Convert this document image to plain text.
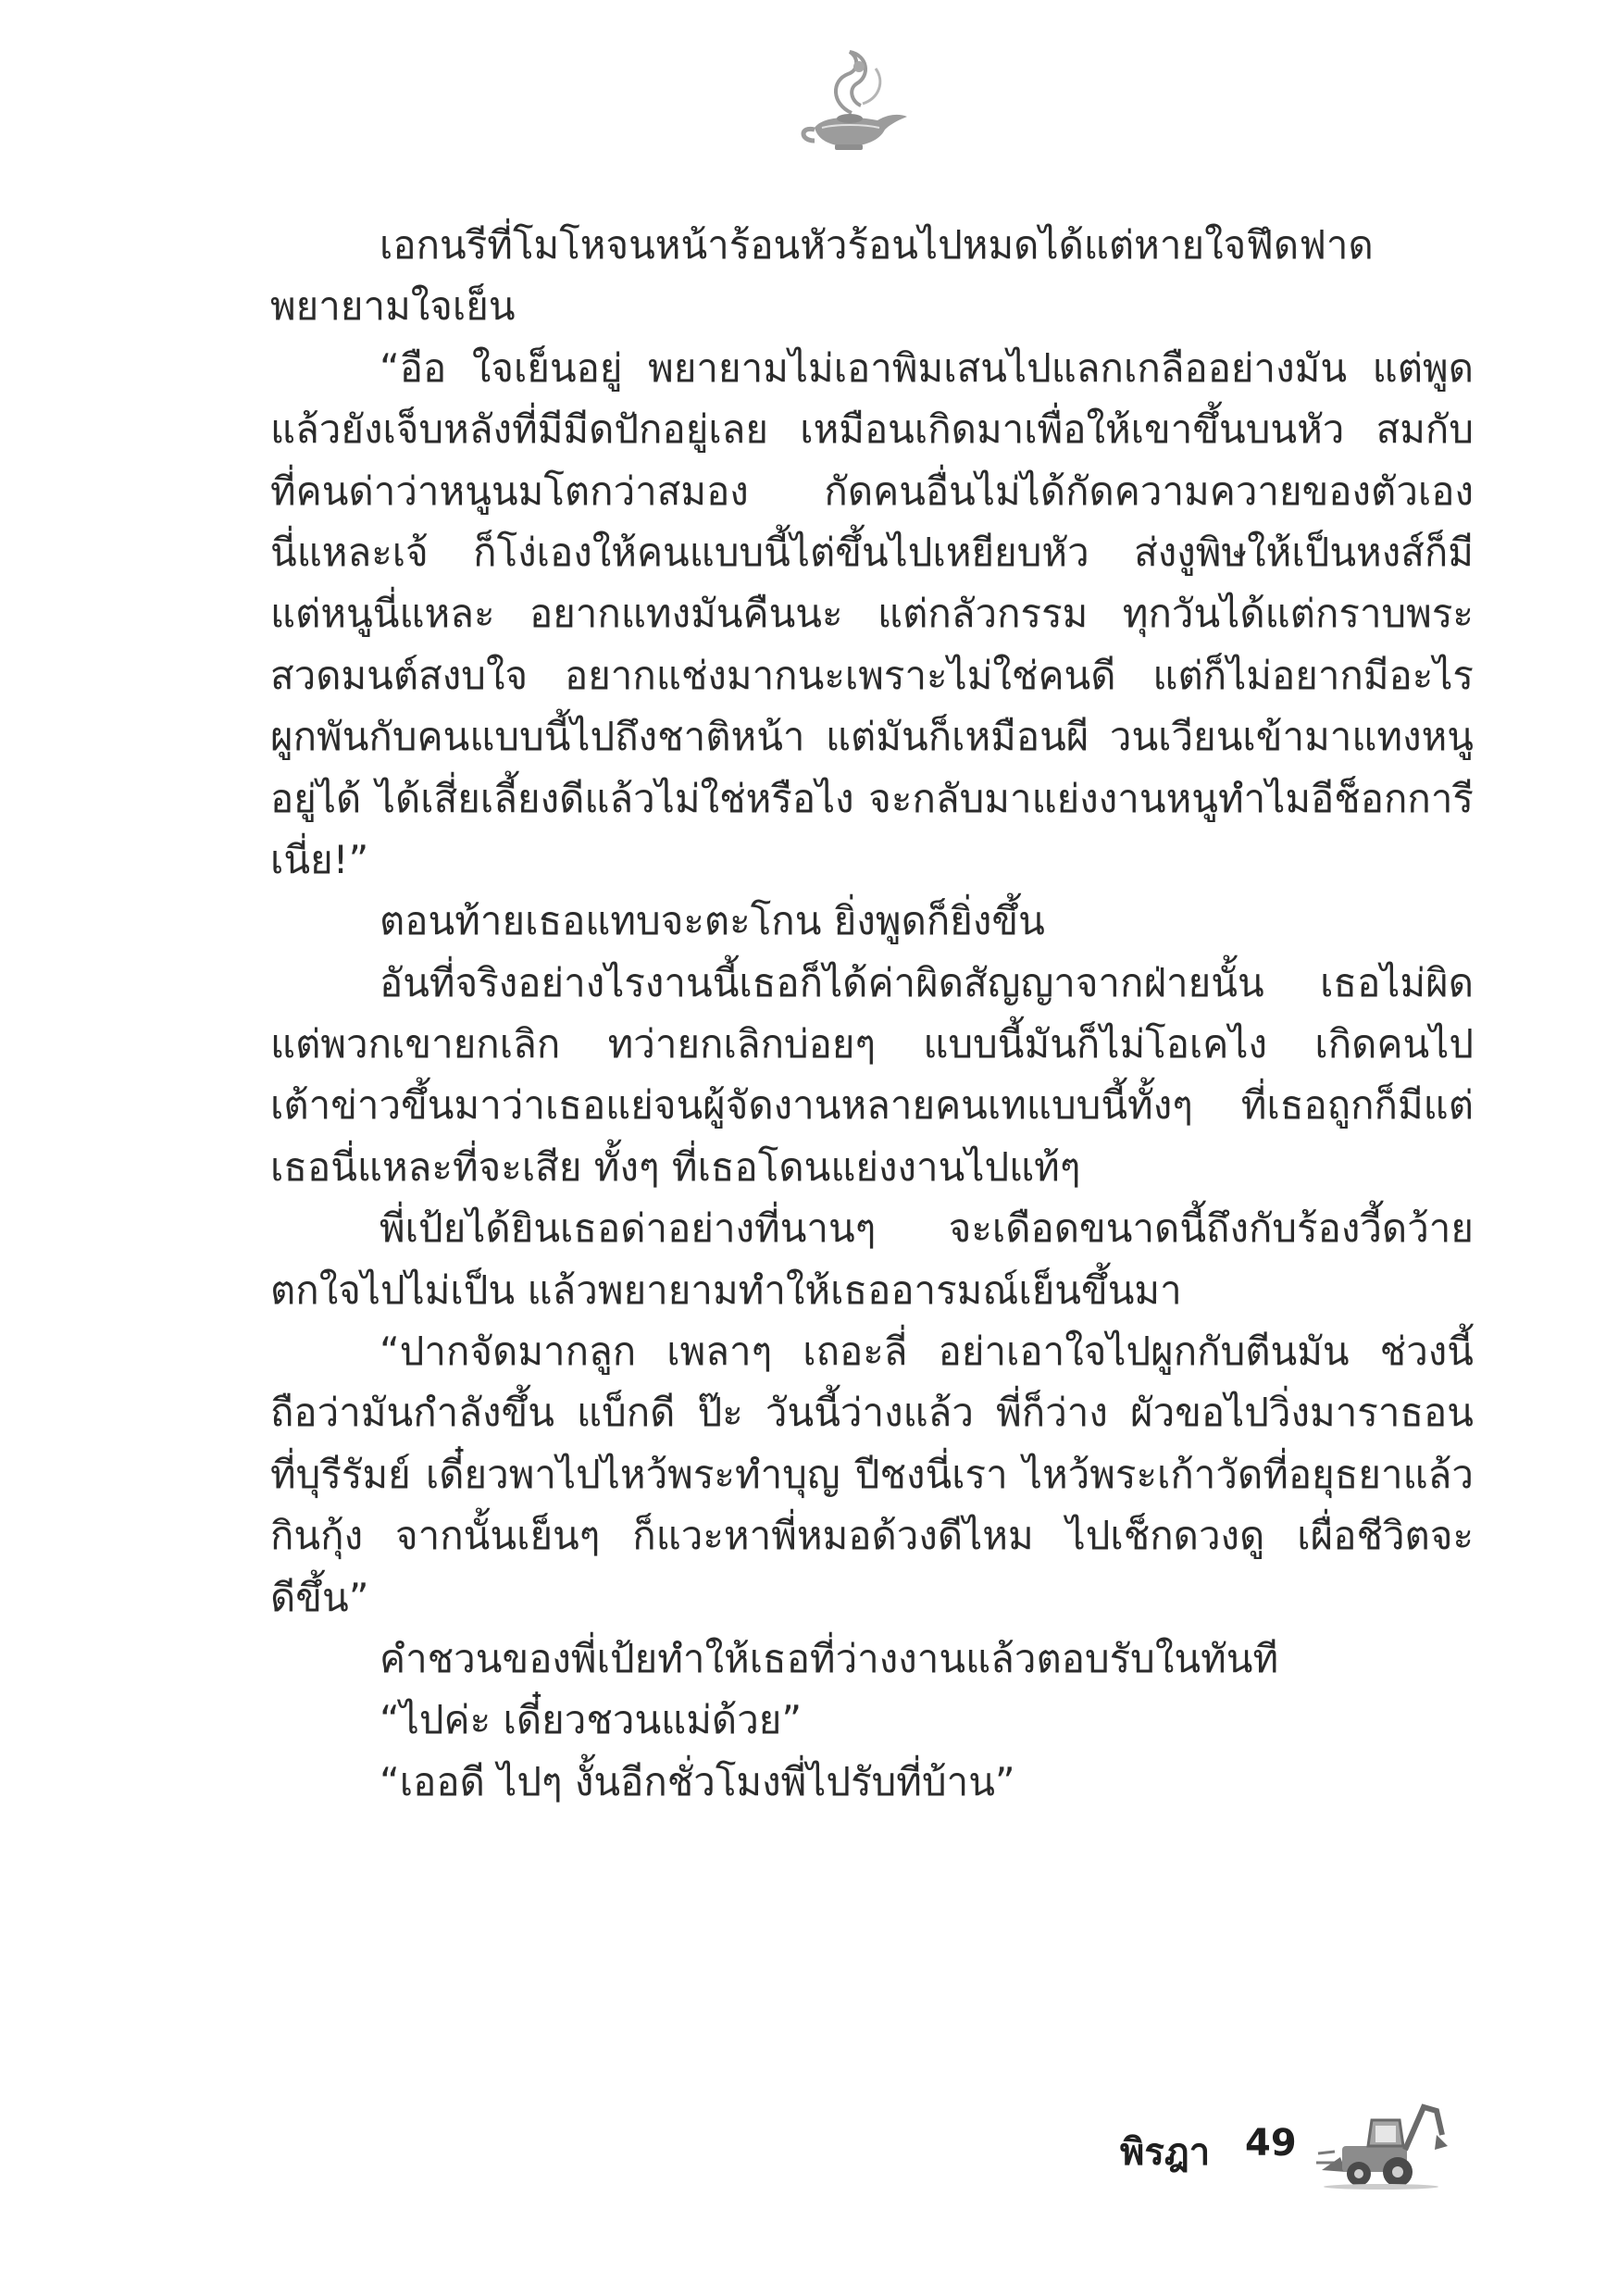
เอกนรีที่โมโหจนหน้าร้อนหัวร้อนไปหมดได้แต่หายใจฟึดฟาด
พยายามใจเย็น
“อือ ใจเย็นอยู่ พยายามไม่เอาพิมเสนไปแลกเกลืออย่างมัน แต่พูด
แล้วยังเจ็บหลังที่มีมีดปักอยู่เลย เหมือนเกิดมาเพื่อให้เขาขึ้นบนหัว สมกับ
ที่คนด่าว่าหนูนมโตกว่าสมอง กัดคนอื่นไม่ได้กัดความควายของตัวเอง
นี่แหละเจ้ ก็โง่เองให้คนแบบนี้ไต่ขึ้นไปเหยียบหัว ส่งงูพิษให้เป็นหงส์ก็มี
แต่หนูนี่แหละ อยากแทงมันคืนนะ แต่กลัวกรรม ทุกวันได้แต่กราบพระ
สวดมนต์สงบใจ อยากแช่งมากนะเพราะไม่ใช่คนดี แต่ก็ไม่อยากมีอะไร
ผูกพันกับคนแบบนี้ไปถึงชาติหน้า แต่มันก็เหมือนผี วนเวียนเข้ามาแทงหนู
อยู่ได้ ได้เสี่ยเลี้ยงดีแล้วไม่ใช่หรือไง จะกลับมาแย่งงานหนูทำไมอีช็อกการี
เนี่ย!”
ตอนท้ายเธอแทบจะตะโกน ยิ่งพูดก็ยิ่งขึ้น
อันที่จริงอย่างไรงานนี้เธอก็ได้ค่าผิดสัญญาจากฝ่ายนั้น เธอไม่ผิด
แต่พวกเขายกเลิก ทว่ายกเลิกบ่อยๆ แบบนี้มันก็ไม่โอเคไง เกิดคนไป
เต้าข่าวขึ้นมาว่าเธอแย่จนผู้จัดงานหลายคนเทแบบนี้ทั้งๆ ที่เธอถูกก็มีแต่
เธอนี่แหละที่จะเสีย ทั้งๆ ที่เธอโดนแย่งงานไปแท้ๆ
พี่เป้ยได้ยินเธอด่าอย่างที่นานๆ จะเดือดขนาดนี้ถึงกับร้องวี้ดว้าย
ตกใจไปไม่เป็น แล้วพยายามทำให้เธออารมณ์เย็นขึ้นมา
“ปากจัดมากลูก เพลาๆ เถอะลี่ อย่าเอาใจไปผูกกับตีนมัน ช่วงนี้
ถือว่ามันกำลังขึ้น แบ็กดี ป๊ะ วันนี้ว่างแล้ว พี่ก็ว่าง ผัวขอไปวิ่งมาราธอน
ที่บุรีรัมย์ เดี๋ยวพาไปไหว้พระทำบุญ ปีชงนี่เรา ไหว้พระเก้าวัดที่อยุธยาแล้ว
กินกุ้ง จากนั้นเย็นๆ ก็แวะหาพี่หมอด้วงดีไหม ไปเช็กดวงดู เผื่อชีวิตจะ
ดีขึ้น”
คำชวนของพี่เป้ยทำให้เธอที่ว่างงานแล้วตอบรับในทันที
“ไปค่ะ เดี๋ยวชวนแม่ด้วย”
“เออดี ไปๆ งั้นอีกชั่วโมงพี่ไปรับที่บ้าน”
พิรฎา 49
